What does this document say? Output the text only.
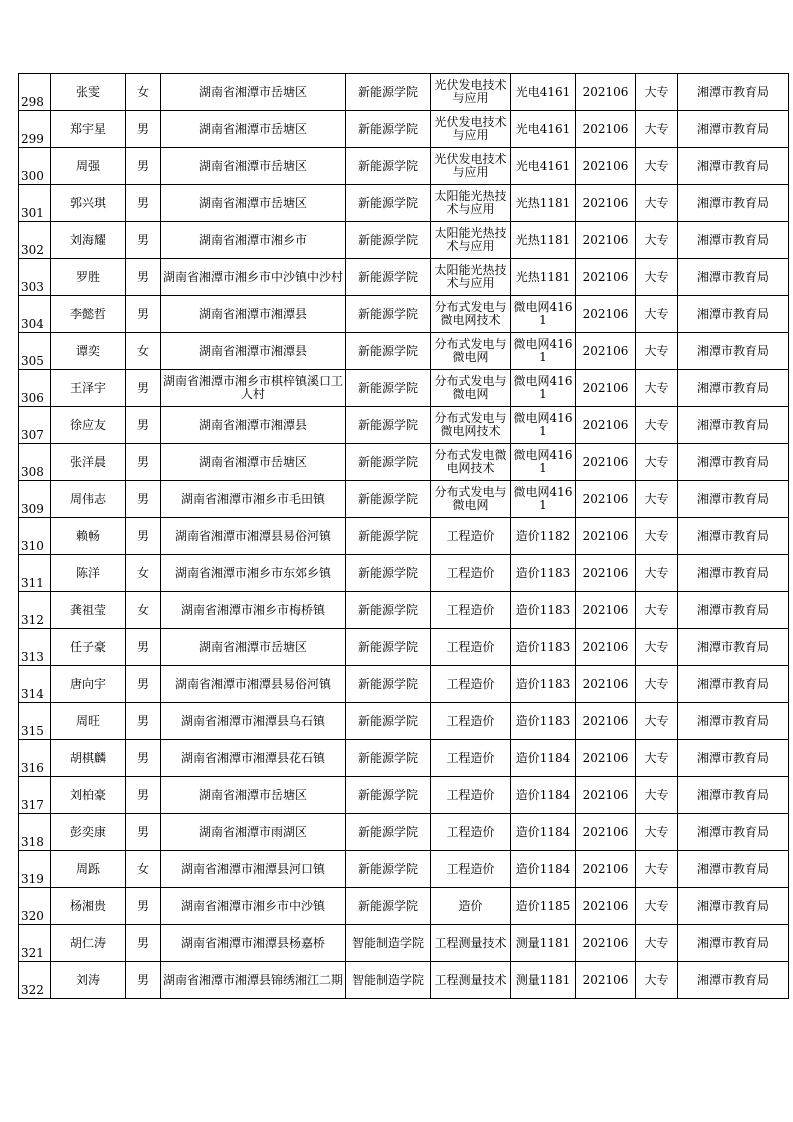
298	张雯	女	湖南省湘潭市岳塘区	新能源学院	光伏发电技术与应用	光电4161	202106	大专	湘潭市教育局
299	郑宇星	男	湖南省湘潭市岳塘区	新能源学院	光伏发电技术与应用	光电4161	202106	大专	湘潭市教育局
300	周强	男	湖南省湘潭市岳塘区	新能源学院	光伏发电技术与应用	光电4161	202106	大专	湘潭市教育局
301	郭兴琪	男	湖南省湘潭市岳塘区	新能源学院	太阳能光热技术与应用	光热1181	202106	大专	湘潭市教育局
302	刘海耀	男	湖南省湘潭市湘乡市	新能源学院	太阳能光热技术与应用	光热1181	202106	大专	湘潭市教育局
303	罗胜	男	湖南省湘潭市湘乡市中沙镇中沙村	新能源学院	太阳能光热技术与应用	光热1181	202106	大专	湘潭市教育局
304	李懿哲	男	湖南省湘潭市湘潭县	新能源学院	分布式发电与微电网技术	微电网4161	202106	大专	湘潭市教育局
305	谭奕	女	湖南省湘潭市湘潭县	新能源学院	分布式发电与微电网	微电网4161	202106	大专	湘潭市教育局
306	王泽宇	男	湖南省湘潭市湘乡市棋梓镇溪口工人村	新能源学院	分布式发电与微电网	微电网4161	202106	大专	湘潭市教育局
307	徐应友	男	湖南省湘潭市湘潭县	新能源学院	分布式发电与微电网技术	微电网4161	202106	大专	湘潭市教育局
308	张洋晨	男	湖南省湘潭市岳塘区	新能源学院	分布式发电微电网技术	微电网4161	202106	大专	湘潭市教育局
309	周伟志	男	湖南省湘潭市湘乡市毛田镇	新能源学院	分布式发电与微电网	微电网4161	202106	大专	湘潭市教育局
310	赖畅	男	湖南省湘潭市湘潭县易俗河镇	新能源学院	工程造价	造价1182	202106	大专	湘潭市教育局
311	陈洋	女	湖南省湘潭市湘乡市东郊乡镇	新能源学院	工程造价	造价1183	202106	大专	湘潭市教育局
312	龚祖莹	女	湖南省湘潭市湘乡市梅桥镇	新能源学院	工程造价	造价1183	202106	大专	湘潭市教育局
313	任子豪	男	湖南省湘潭市岳塘区	新能源学院	工程造价	造价1183	202106	大专	湘潭市教育局
314	唐向宇	男	湖南省湘潭市湘潭县易俗河镇	新能源学院	工程造价	造价1183	202106	大专	湘潭市教育局
315	周旺	男	湖南省湘潭市湘潭县乌石镇	新能源学院	工程造价	造价1183	202106	大专	湘潭市教育局
316	胡棋麟	男	湖南省湘潭市湘潭县花石镇	新能源学院	工程造价	造价1184	202106	大专	湘潭市教育局
317	刘柏豪	男	湖南省湘潭市岳塘区	新能源学院	工程造价	造价1184	202106	大专	湘潭市教育局
318	彭奕康	男	湖南省湘潭市雨湖区	新能源学院	工程造价	造价1184	202106	大专	湘潭市教育局
319	周跞	女	湖南省湘潭市湘潭县河口镇	新能源学院	工程造价	造价1184	202106	大专	湘潭市教育局
320	杨湘贵	男	湖南省湘潭市湘乡市中沙镇	新能源学院	造价	造价1185	202106	大专	湘潭市教育局
321	胡仁涛	男	湖南省湘潭市湘潭县杨嘉桥	智能制造学院	工程测量技术	测量1181	202106	大专	湘潭市教育局
322	刘涛	男	湖南省湘潭市湘潭县锦绣湘江二期	智能制造学院	工程测量技术	测量1181	202106	大专	湘潭市教育局
